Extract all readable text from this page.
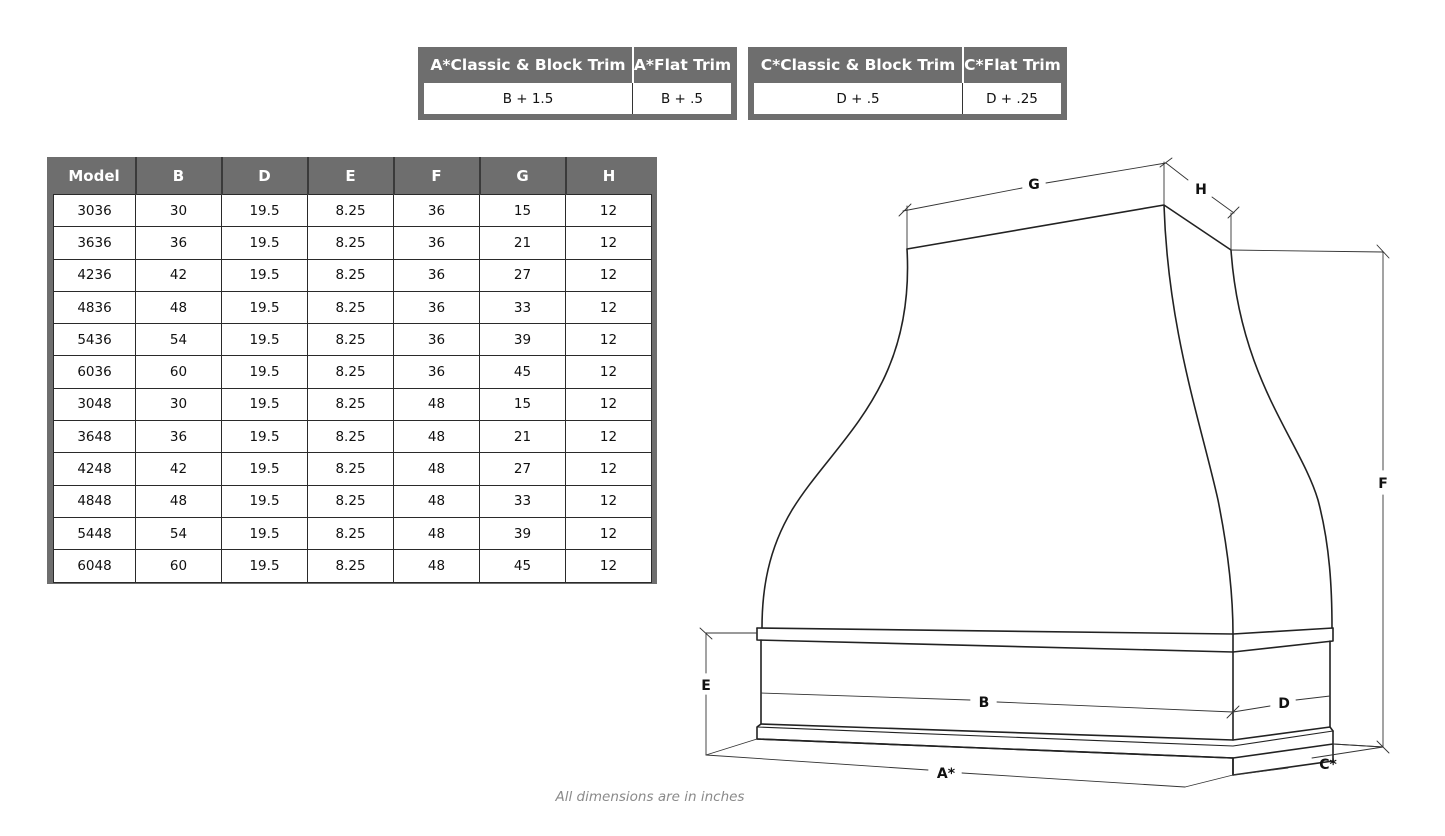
A*Classic & Block Trim A*Flat Trim
B + 1.5	B + .5
C*Classic & Block Trim C*Flat Trim
D + .5	D + .25
Model	B	D	E	F	G	H
3036	30	19.5	8.25	36	15	12
3636	36	19.5	8.25	36	21	12
4236	42	19.5	8.25	36	27	12
4836	48	19.5	8.25	36	33	12
5436	54	19.5	8.25	36	39	12
6036	60	19.5	8.25	36	45	12
3048	30	19.5	8.25	48	15	12
3648	36	19.5	8.25	48	21	12
4248	42	19.5	8.25	48	27	12
4848	48	19.5	8.25	48	33	12
5448	54	19.5	8.25	48	39	12
6048	60	19.5	8.25	48	45	12
G	H
F
E
B	D
A*
C*
All dimensions are in inches
